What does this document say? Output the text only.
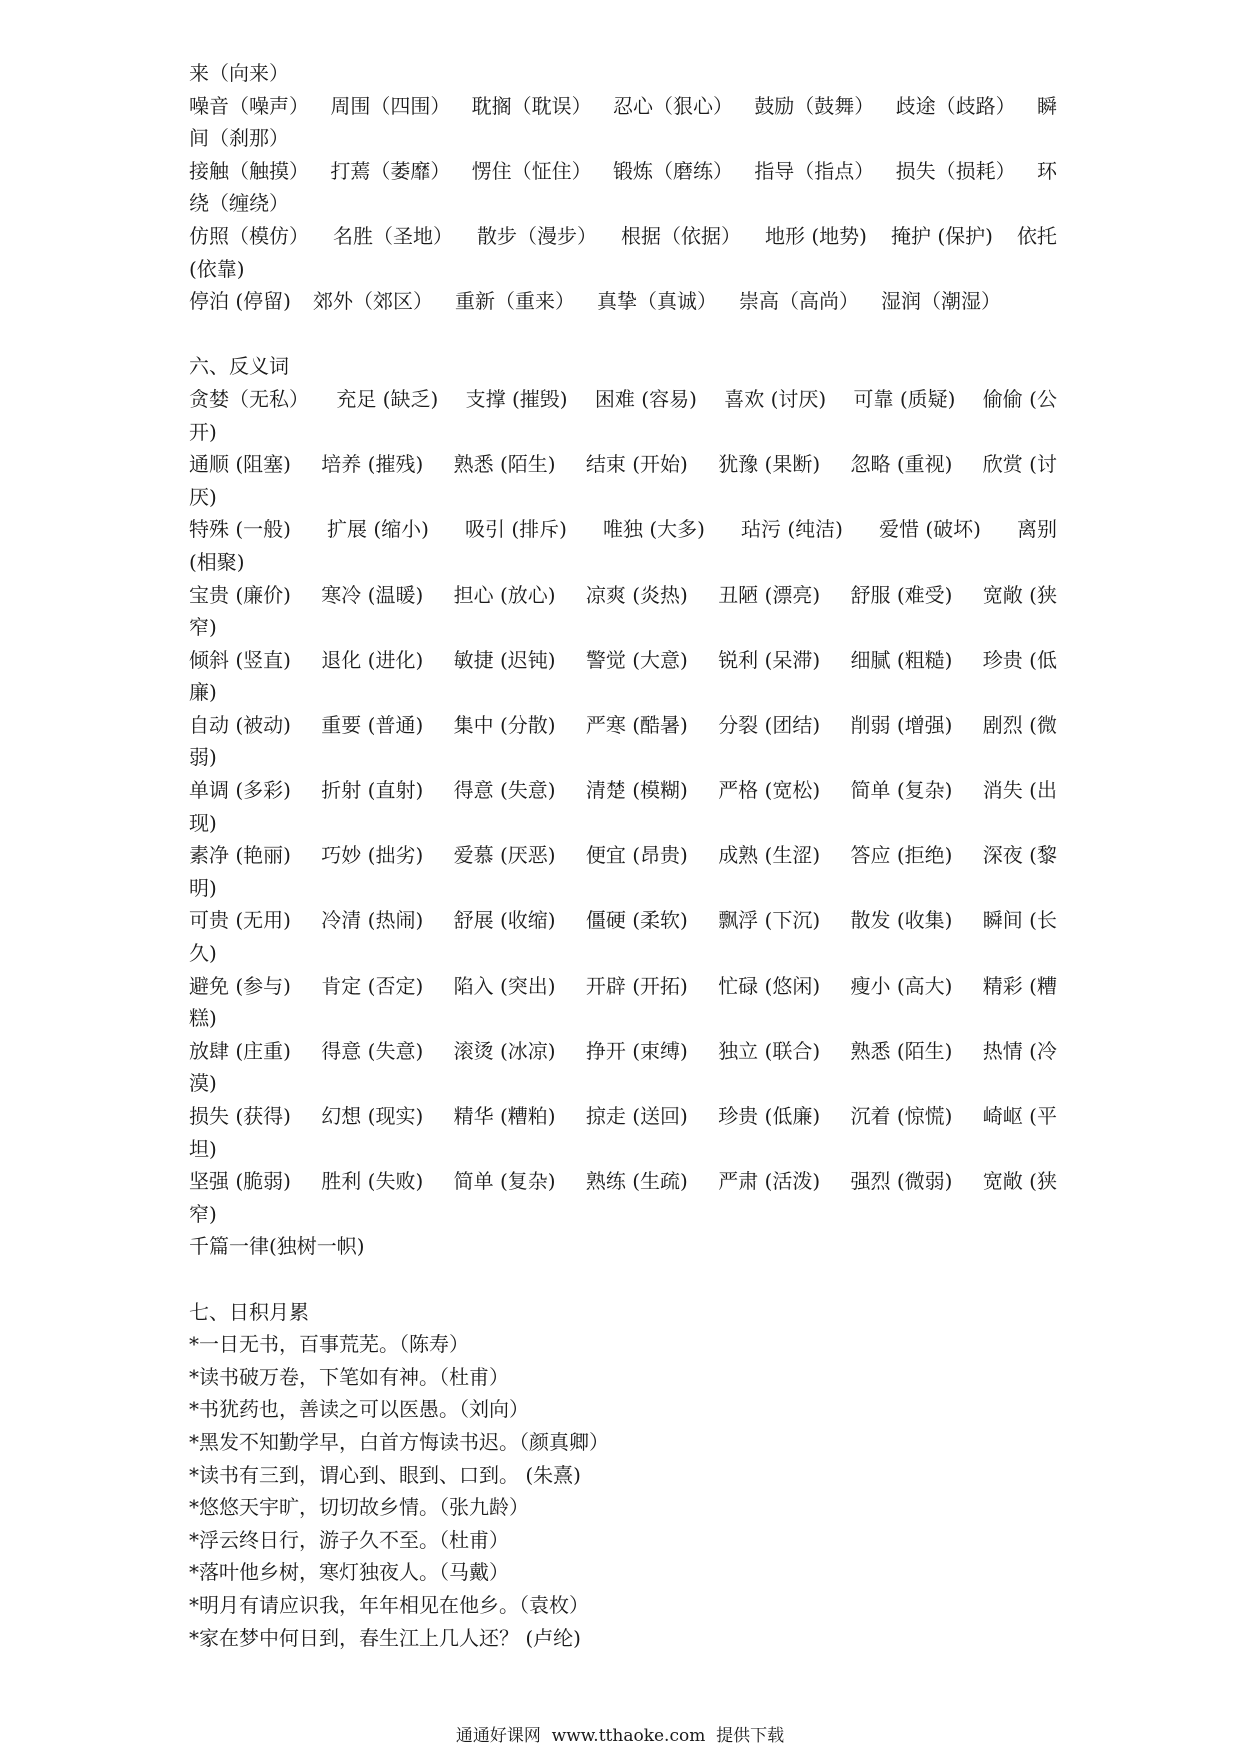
来（向来）
噪音（噪声） 周围（四围） 耽搁（耽误） 忍心（狠心） 鼓励（鼓舞） 歧途（歧路） 瞬
间（刹那）
接触（触摸） 打蔫（萎靡） 愣住（怔住） 锻炼（磨练） 指导（指点） 损失（损耗） 环
绕（缠绕）
仿照（模仿） 名胜（圣地） 散步（漫步） 根据（依据） 地形 (地势) 掩护 (保护) 依托
(依靠)
停泊 (停留) 郊外（郊区） 重新（重来） 真挚（真诚） 崇高（高尚） 湿润（潮湿）
六、反义词
贪婪（无私） 充足 (缺乏) 支撑 (摧毁) 困难 (容易) 喜欢 (讨厌) 可靠 (质疑) 偷偷 (公
开)
通顺 (阻塞) 培养 (摧残) 熟悉 (陌生) 结束 (开始) 犹豫 (果断) 忽略 (重视) 欣赏 (讨
厌)
特殊 (一般) 扩展 (缩小) 吸引 (排斥) 唯独 (大多) 玷污 (纯洁) 爱惜 (破坏) 离别
(相聚)
宝贵 (廉价) 寒冷 (温暖) 担心 (放心) 凉爽 (炎热) 丑陋 (漂亮) 舒服 (难受) 宽敞 (狭
窄)
倾斜 (竖直) 退化 (进化) 敏捷 (迟钝) 警觉 (大意) 锐利 (呆滞) 细腻 (粗糙) 珍贵 (低
廉)
自动 (被动) 重要 (普通) 集中 (分散) 严寒 (酷暑) 分裂 (团结) 削弱 (增强) 剧烈 (微
弱)
单调 (多彩) 折射 (直射) 得意 (失意) 清楚 (模糊) 严格 (宽松) 简单 (复杂) 消失 (出
现)
素净 (艳丽) 巧妙 (拙劣) 爱慕 (厌恶) 便宜 (昂贵) 成熟 (生涩) 答应 (拒绝) 深夜 (黎
明)
可贵 (无用) 冷清 (热闹) 舒展 (收缩) 僵硬 (柔软) 飘浮 (下沉) 散发 (收集) 瞬间 (长
久)
避免 (参与) 肯定 (否定) 陷入 (突出) 开辟 (开拓) 忙碌 (悠闲) 瘦小 (高大) 精彩 (糟
糕)
放肆 (庄重) 得意 (失意) 滚烫 (冰凉) 挣开 (束缚) 独立 (联合) 熟悉 (陌生) 热情 (冷
漠)
损失 (获得) 幻想 (现实) 精华 (糟粕) 掠走 (送回) 珍贵 (低廉) 沉着 (惊慌) 崎岖 (平
坦)
坚强 (脆弱) 胜利 (失败) 简单 (复杂) 熟练 (生疏) 严肃 (活泼) 强烈 (微弱) 宽敞 (狭
窄)
千篇一律(独树一帜)
七、日积月累
*一日无书，百事荒芜。（陈寿）
*读书破万卷，下笔如有神。（杜甫）
*书犹药也，善读之可以医愚。（刘向）
*黑发不知勤学早，白首方悔读书迟。（颜真卿）
*读书有三到，谓心到、眼到、口到。 (朱熹)
*悠悠天宇旷，切切故乡情。（张九龄）
*浮云终日行，游子久不至。（杜甫）
*落叶他乡树，寒灯独夜人。（马戴）
*明月有请应识我，年年相见在他乡。（袁枚）
*家在梦中何日到，春生江上几人还？ (卢纶)
通通好课网  www.tthaoke.com  提供下载
